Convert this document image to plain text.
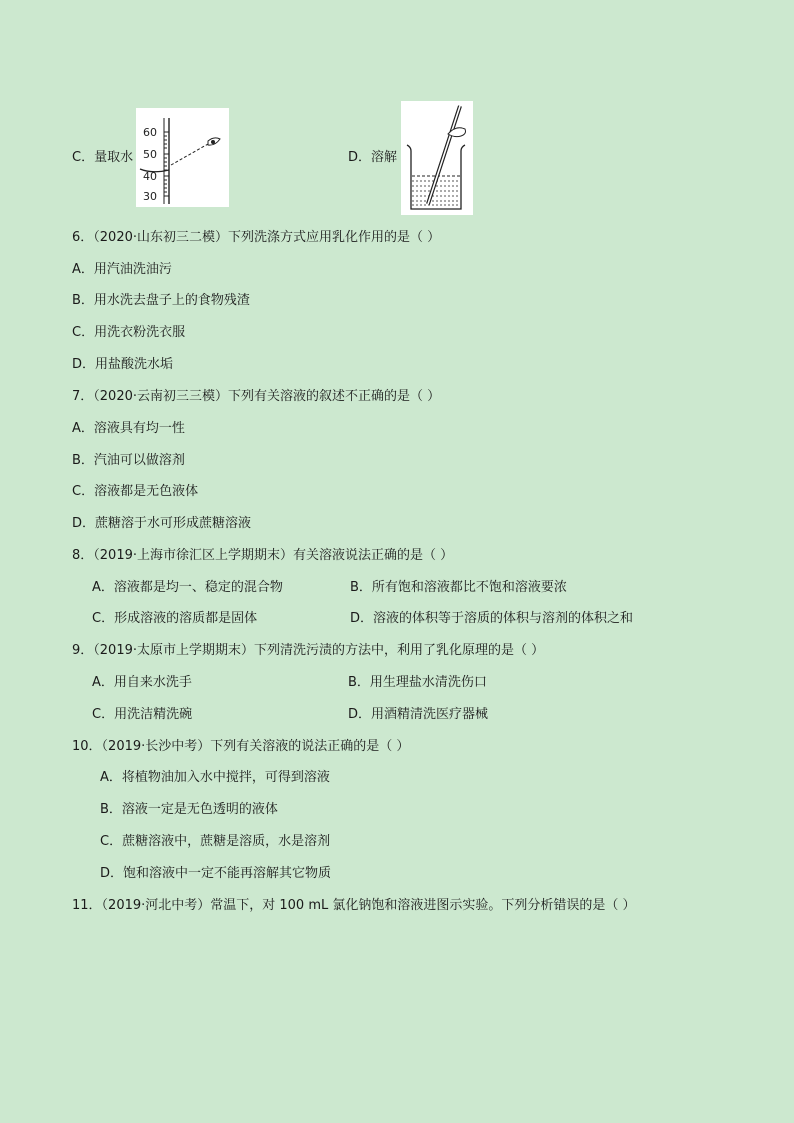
C．量取水
60
50
40
30
D．溶解
6．（2020·山东初三二模）下列洗涤方式应用乳化作用的是（ ）
A．用汽油洗油污
B．用水洗去盘子上的食物残渣
C．用洗衣粉洗衣服
D．用盐酸洗水垢
7．（2020·云南初三三模）下列有关溶液的叙述不正确的是（ ）
A．溶液具有均一性
B．汽油可以做溶剂
C．溶液都是无色液体
D．蔗糖溶于水可形成蔗糖溶液
8．（2019·上海市徐汇区上学期期末）有关溶液说法正确的是（ ）
A．溶液都是均一、稳定的混合物	B．所有饱和溶液都比不饱和溶液要浓
C．形成溶液的溶质都是固体	D．溶液的体积等于溶质的体积与溶剂的体积之和
9．（2019·太原市上学期期末）下列清洗污渍的方法中，利用了乳化原理的是（ ）
A．用自来水洗手	B．用生理盐水清洗伤口
C．用洗洁精洗碗	D．用酒精清洗医疗器械
10．（2019·长沙中考）下列有关溶液的说法正确的是（ ）
A．将植物油加入水中搅拌，可得到溶液
B．溶液一定是无色透明的液体
C．蔗糖溶液中，蔗糖是溶质，水是溶剂
D．饱和溶液中一定不能再溶解其它物质
11．（2019·河北中考）常温下，对 100 mL 氯化钠饱和溶液进图示实验。下列分析错误的是（ ）
